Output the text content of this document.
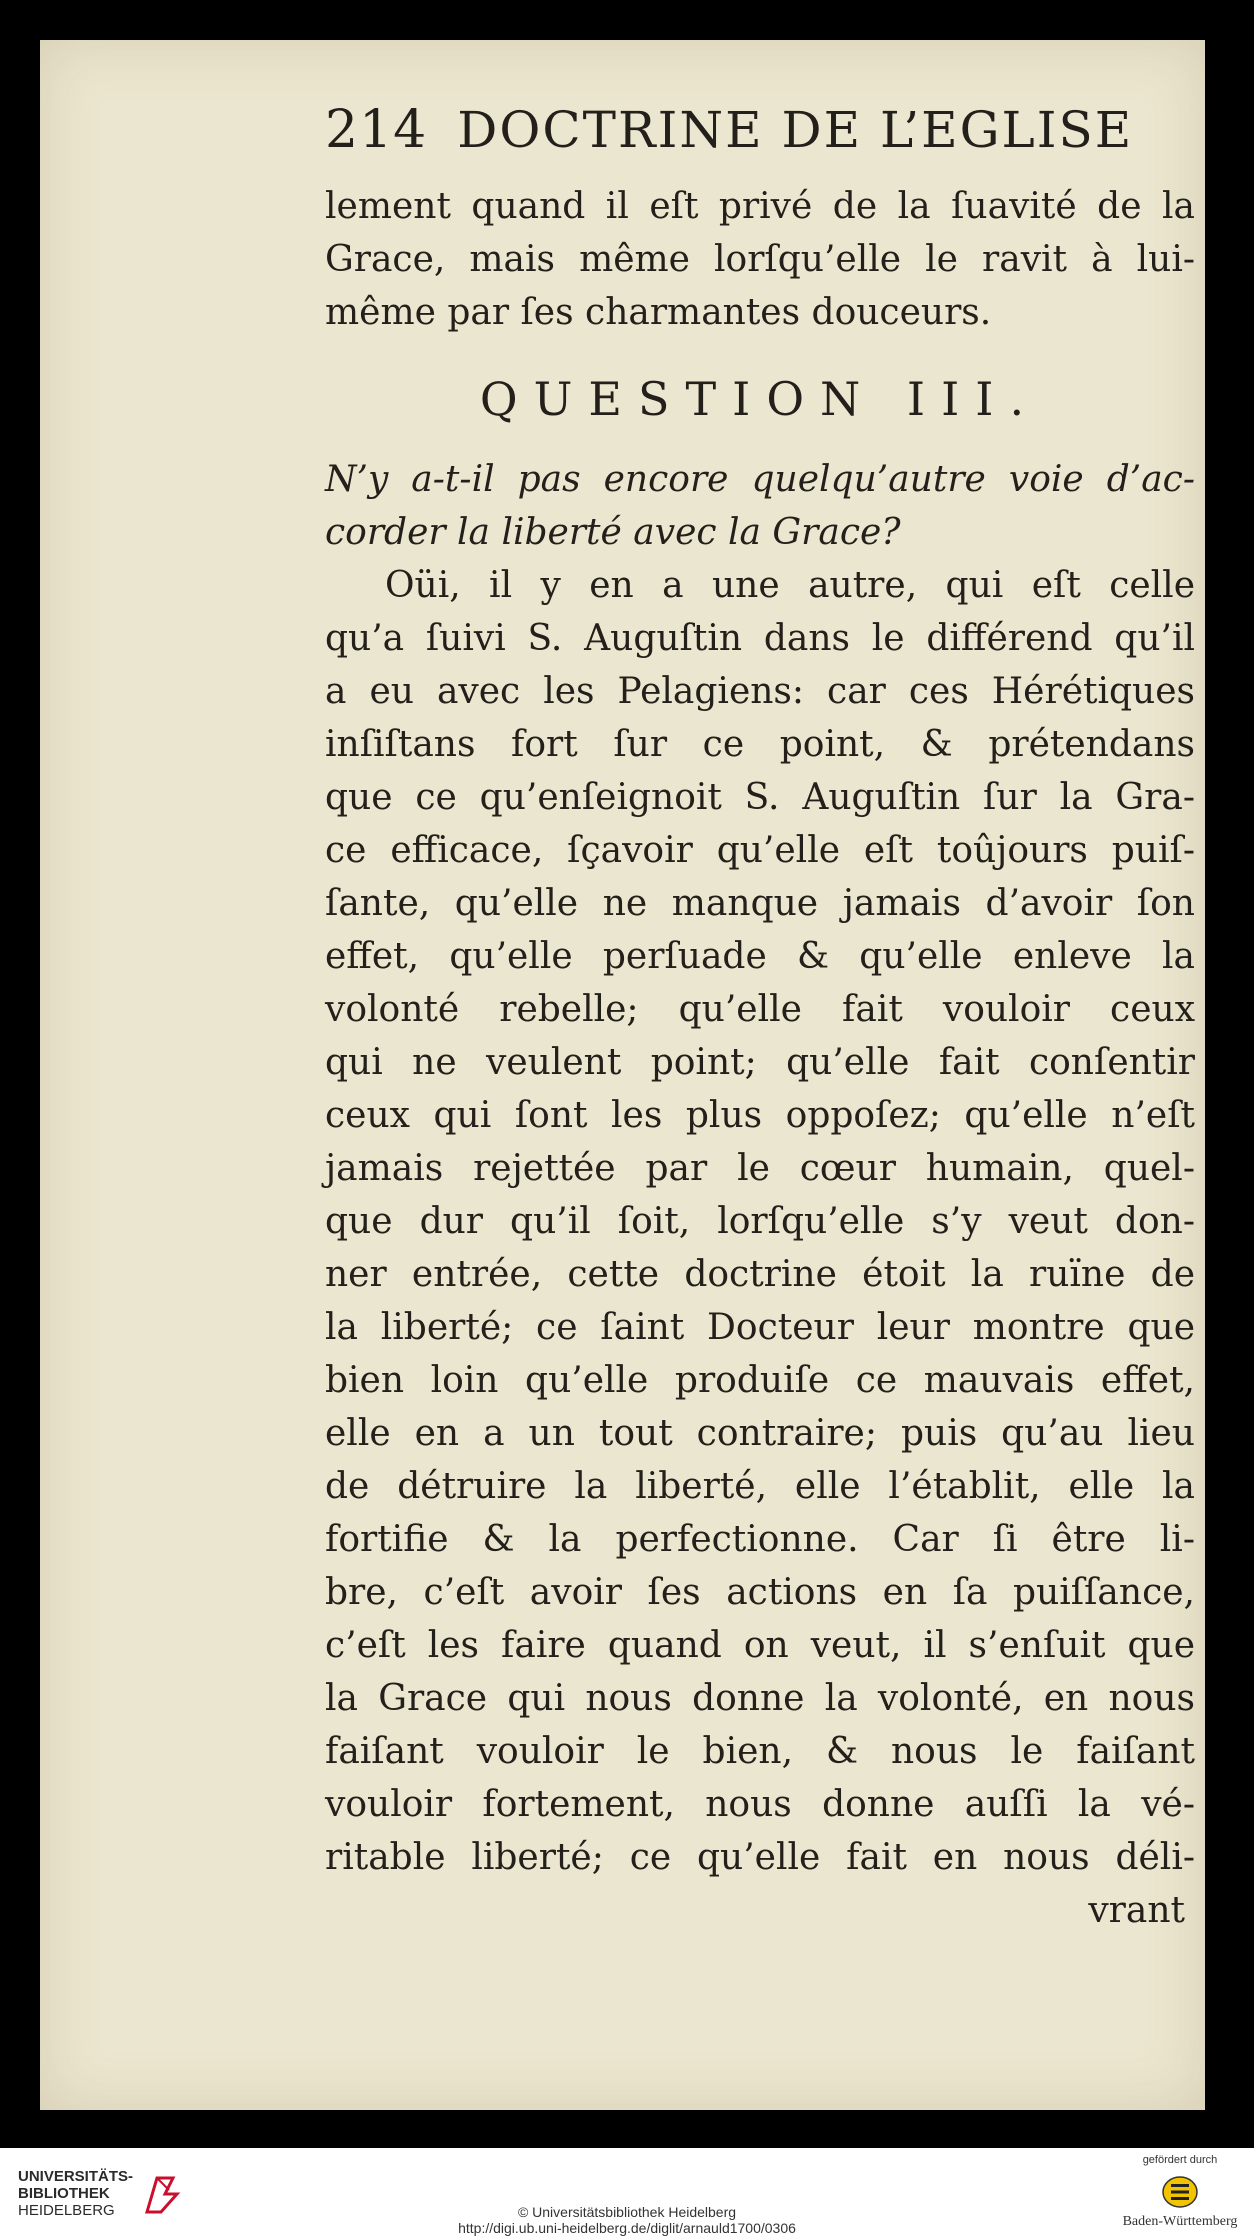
214 DOCTRINE DE L’EGLISE
lement quand il eſt privé de la ſuavité de la
Grace, mais même lorſqu’elle le ravit à lui-
même par ſes charmantes douceurs.
QUESTION III.
N’y a-t-il pas encore quelqu’autre voie d’ac-
corder la liberté avec la Grace?
Oüi, il y en a une autre, qui eſt celle
qu’a ſuivi S. Auguſtin dans le différend qu’il
a eu avec les Pelagiens: car ces Hérétiques
inſiſtans fort ſur ce point, & prétendans
que ce qu’enſeignoit S. Auguſtin ſur la Gra-
ce efficace, ſçavoir qu’elle eſt toûjours puiſ-
ſante, qu’elle ne manque jamais d’avoir ſon
effet, qu’elle perſuade & qu’elle enleve la
volonté rebelle; qu’elle fait vouloir ceux
qui ne veulent point; qu’elle fait conſentir
ceux qui ſont les plus oppoſez; qu’elle n’eſt
jamais rejettée par le cœur humain, quel-
que dur qu’il ſoit, lorſqu’elle s’y veut don-
ner entrée, cette doctrine étoit la ruïne de
la liberté; ce ſaint Docteur leur montre que
bien loin qu’elle produiſe ce mauvais effet,
elle en a un tout contraire; puis qu’au lieu
de détruire la liberté, elle l’établit, elle la
fortifie & la perfectionne. Car ſi être li-
bre, c’eſt avoir ſes actions en ſa puiſſance,
c’eſt les faire quand on veut, il s’enſuit que
la Grace qui nous donne la volonté, en nous
faiſant vouloir le bien, & nous le faiſant
vouloir fortement, nous donne auſſi la vé-
ritable liberté; ce qu’elle fait en nous déli-
vrant
UNIVERSITÄTS-
BIBLIOTHEK
HEIDELBERG	© Universitätsbibliothek Heidelberg
http://digi.ub.uni-heidelberg.de/diglit/arnauld1700/0306
gefördert durch
Baden-Württemberg
